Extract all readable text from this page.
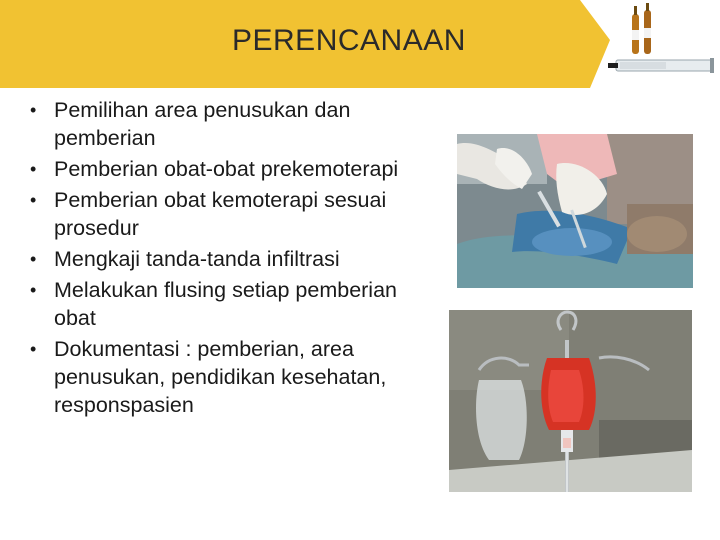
PERENCANAAN
• Pemilihan area penusukan dan pemberian
• Pemberian obat-obat prekemoterapi
• Pemberian obat kemoterapi sesuai prosedur
• Mengkaji tanda-tanda infiltrasi
• Melakukan flusing setiap pemberian obat
• Dokumentasi : pemberian, area penusukan, pendidikan kesehatan, responspasien
